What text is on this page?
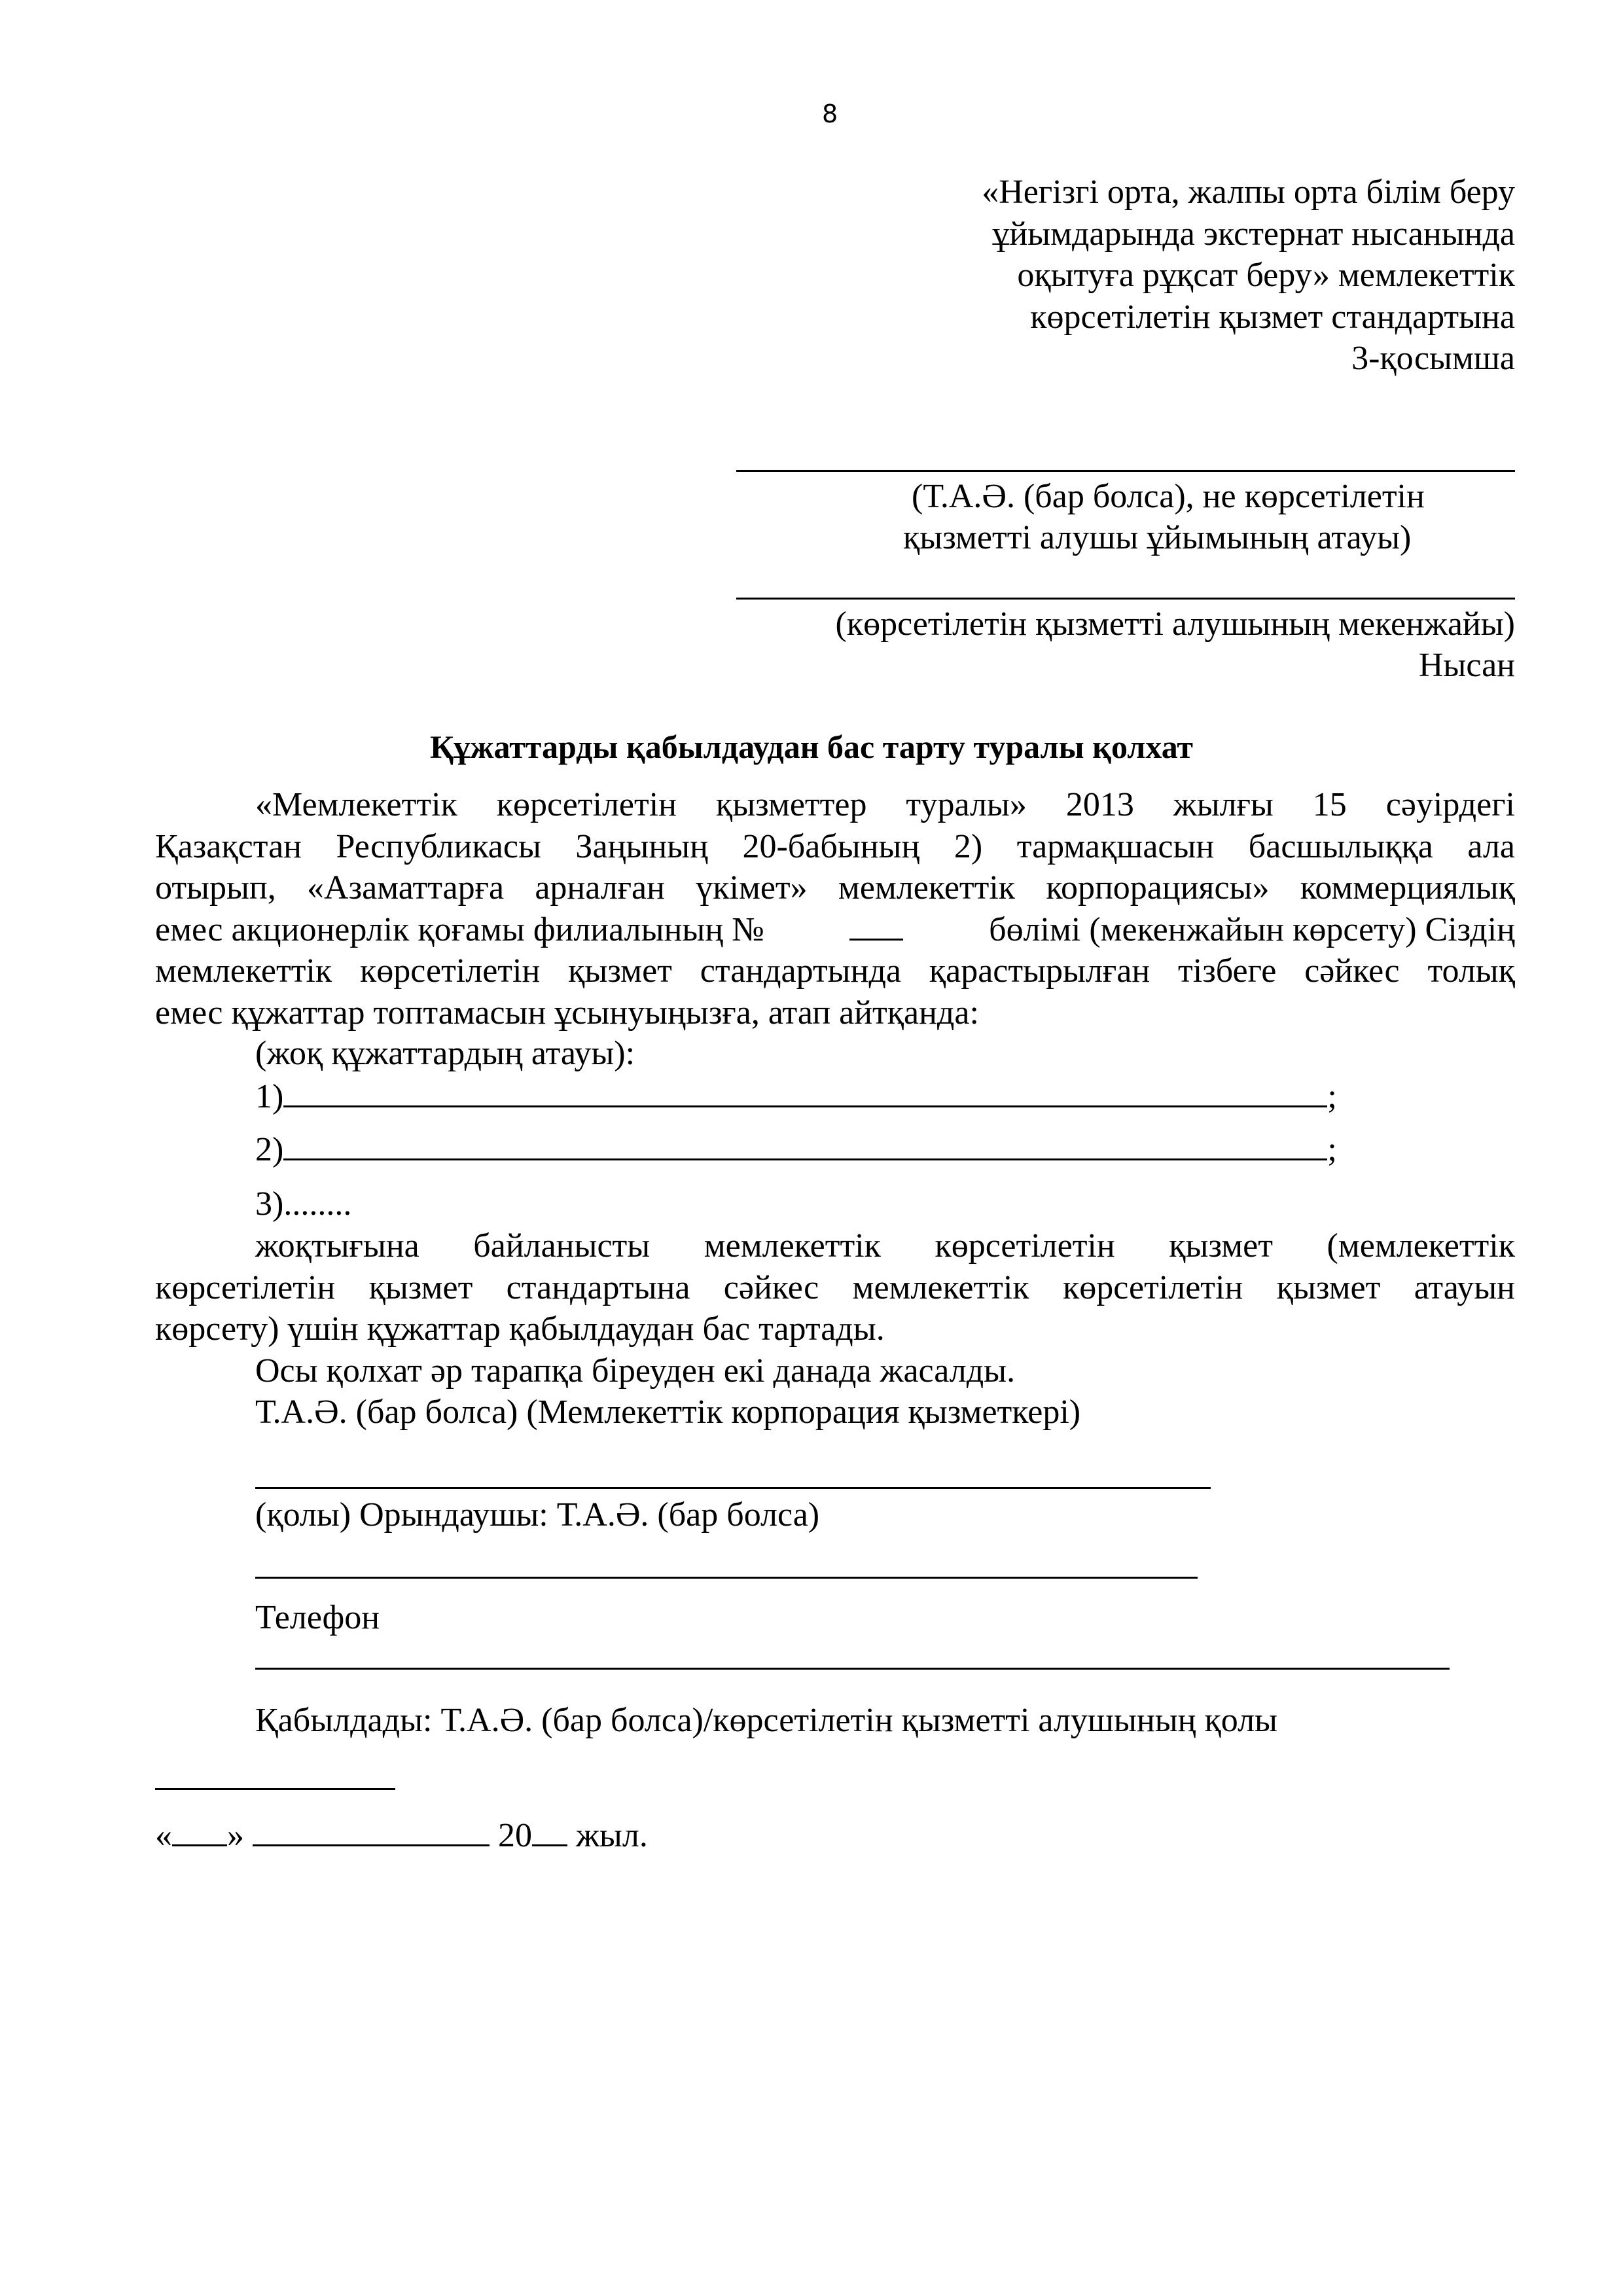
8
«Негізгі орта, жалпы орта білім беру
ұйымдарында экстернат нысанында
оқытуға рұқсат беру» мемлекеттік
көрсетілетін қызмет стандартына
3-қосымша
(Т.А.Ә. (бар болса), не көрсетілетін
қызметті алушы ұйымының атауы)
(көрсетілетін қызметті алушының мекенжайы)
Нысан
Құжаттарды қабылдаудан бас тарту туралы қолхат
«Мемлекеттік көрсетілетін қызметтер туралы» 2013 жылғы 15 сәуірдегі
Қазақстан Республикасы Заңының 20-бабының 2) тармақшасын басшылыққа ала
отырып, «Азаматтарға арналған үкімет» мемлекеттік корпорациясы» коммерциялық
емес акционерлік қоғамы филиалының №	бөлімі (мекенжайын көрсету) Сіздің
мемлекеттік көрсетілетін қызмет стандартында қарастырылған тізбеге сәйкес толық
емес құжаттар топтамасын ұсынуыңызға, атап айтқанда:
(жоқ құжаттардың атауы):
1)	;
2)	;
3)........
жоқтығына байланысты мемлекеттік көрсетілетін қызмет (мемлекеттік
көрсетілетін қызмет стандартына сәйкес мемлекеттік көрсетілетін қызмет атауын
көрсету) үшін құжаттар қабылдаудан бас тартады.
Осы қолхат әр тарапқа біреуден екі данада жасалды.
Т.А.Ә. (бар болса) (Мемлекеттік корпорация қызметкері)
(қолы) Орындаушы: Т.А.Ә. (бар болса)
Телефон
Қабылдады: Т.А.Ә. (бар болса)/көрсетілетін қызметті алушының қолы
« »	20 жыл.
